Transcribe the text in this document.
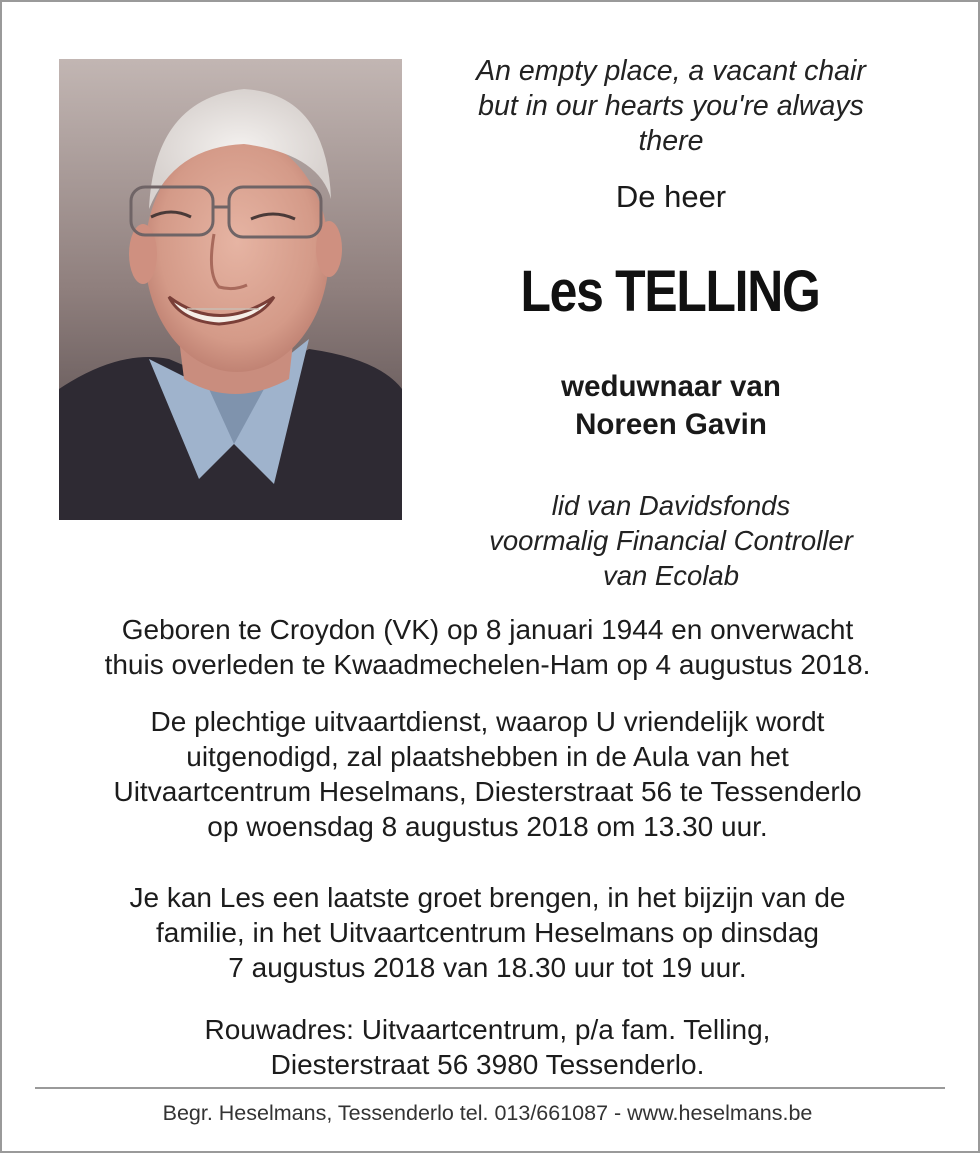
An empty place, a vacant chair
but in our hearts you're always
there
De heer
Les TELLING
weduwnaar van
Noreen Gavin
lid van Davidsfonds
voormalig Financial Controller
van Ecolab
Geboren te Croydon (VK) op 8 januari 1944 en onverwacht
thuis overleden te Kwaadmechelen-Ham op 4 augustus 2018.
De plechtige uitvaartdienst, waarop U vriendelijk wordt
uitgenodigd, zal plaatshebben in de Aula van het
Uitvaartcentrum Heselmans, Diesterstraat 56 te Tessenderlo
op woensdag 8 augustus 2018 om 13.30 uur.
Je kan Les een laatste groet brengen, in het bijzijn van de
familie, in het Uitvaartcentrum Heselmans op dinsdag
7 augustus 2018 van 18.30 uur tot 19 uur.
Rouwadres: Uitvaartcentrum, p/a fam. Telling,
Diesterstraat 56 3980 Tessenderlo.
Begr. Heselmans, Tessenderlo tel. 013/661087 - www.heselmans.be
